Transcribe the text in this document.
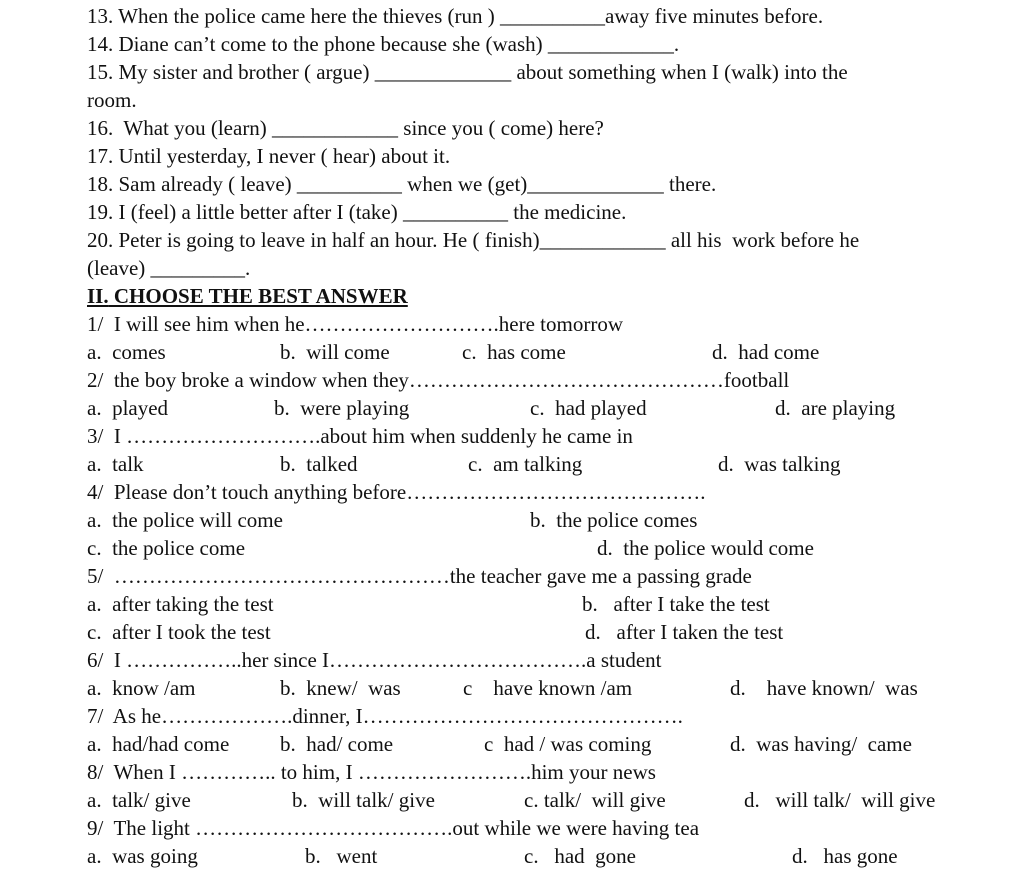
13. When the police came here the thieves (run ) __________away five minutes before.
14. Diane can’t come to the phone because she (wash) ____________.
15. My sister and brother ( argue) _____________ about something when I (walk) into the
room.
16.  What you (learn) ____________ since you ( come) here?
17. Until yesterday, I never ( hear) about it.
18. Sam already ( leave) __________ when we (get)_____________ there.
19. I (feel) a little better after I (take) __________ the medicine.
20. Peter is going to leave in half an hour. He ( finish)____________ all his  work before he
(leave) _________.
II. CHOOSE THE BEST ANSWER
1/  I will see him when he……………………….here tomorrow
a.  comes	b.  will come	c.  has come	d.  had come
2/  the boy broke a window when they………………………………………football
a.  played	b.  were playing	c.  had played	d.  are playing
3/  I ……………………….about him when suddenly he came in
a.  talk	b.  talked	c.  am talking	d.  was talking
4/  Please don’t touch anything before…………………………………….
a.  the police will come	b.  the police comes
c.  the police come	d.  the police would come
5/  …………………………………………the teacher gave me a passing grade
a.  after taking the test	b.   after I take the test
c.  after I took the test	d.   after I taken the test
6/  I ……………..her since I……………………………….a student
a.  know /am	b.  knew/  was	c    have known /am	d.    have known/  was
7/  As he……………….dinner, I……………………………………….
a.  had/had come b.  had/ come	c  had / was coming	d.  was having/  came
8/  When I ………….. to him, I …………………….him your news
a.  talk/ give	b.  will talk/ give	c. talk/  will give	d.   will talk/  will give
9/  The light ……………………………….out while we were having tea
a.  was going	b.   went	c.   had  gone	d.   has gone
